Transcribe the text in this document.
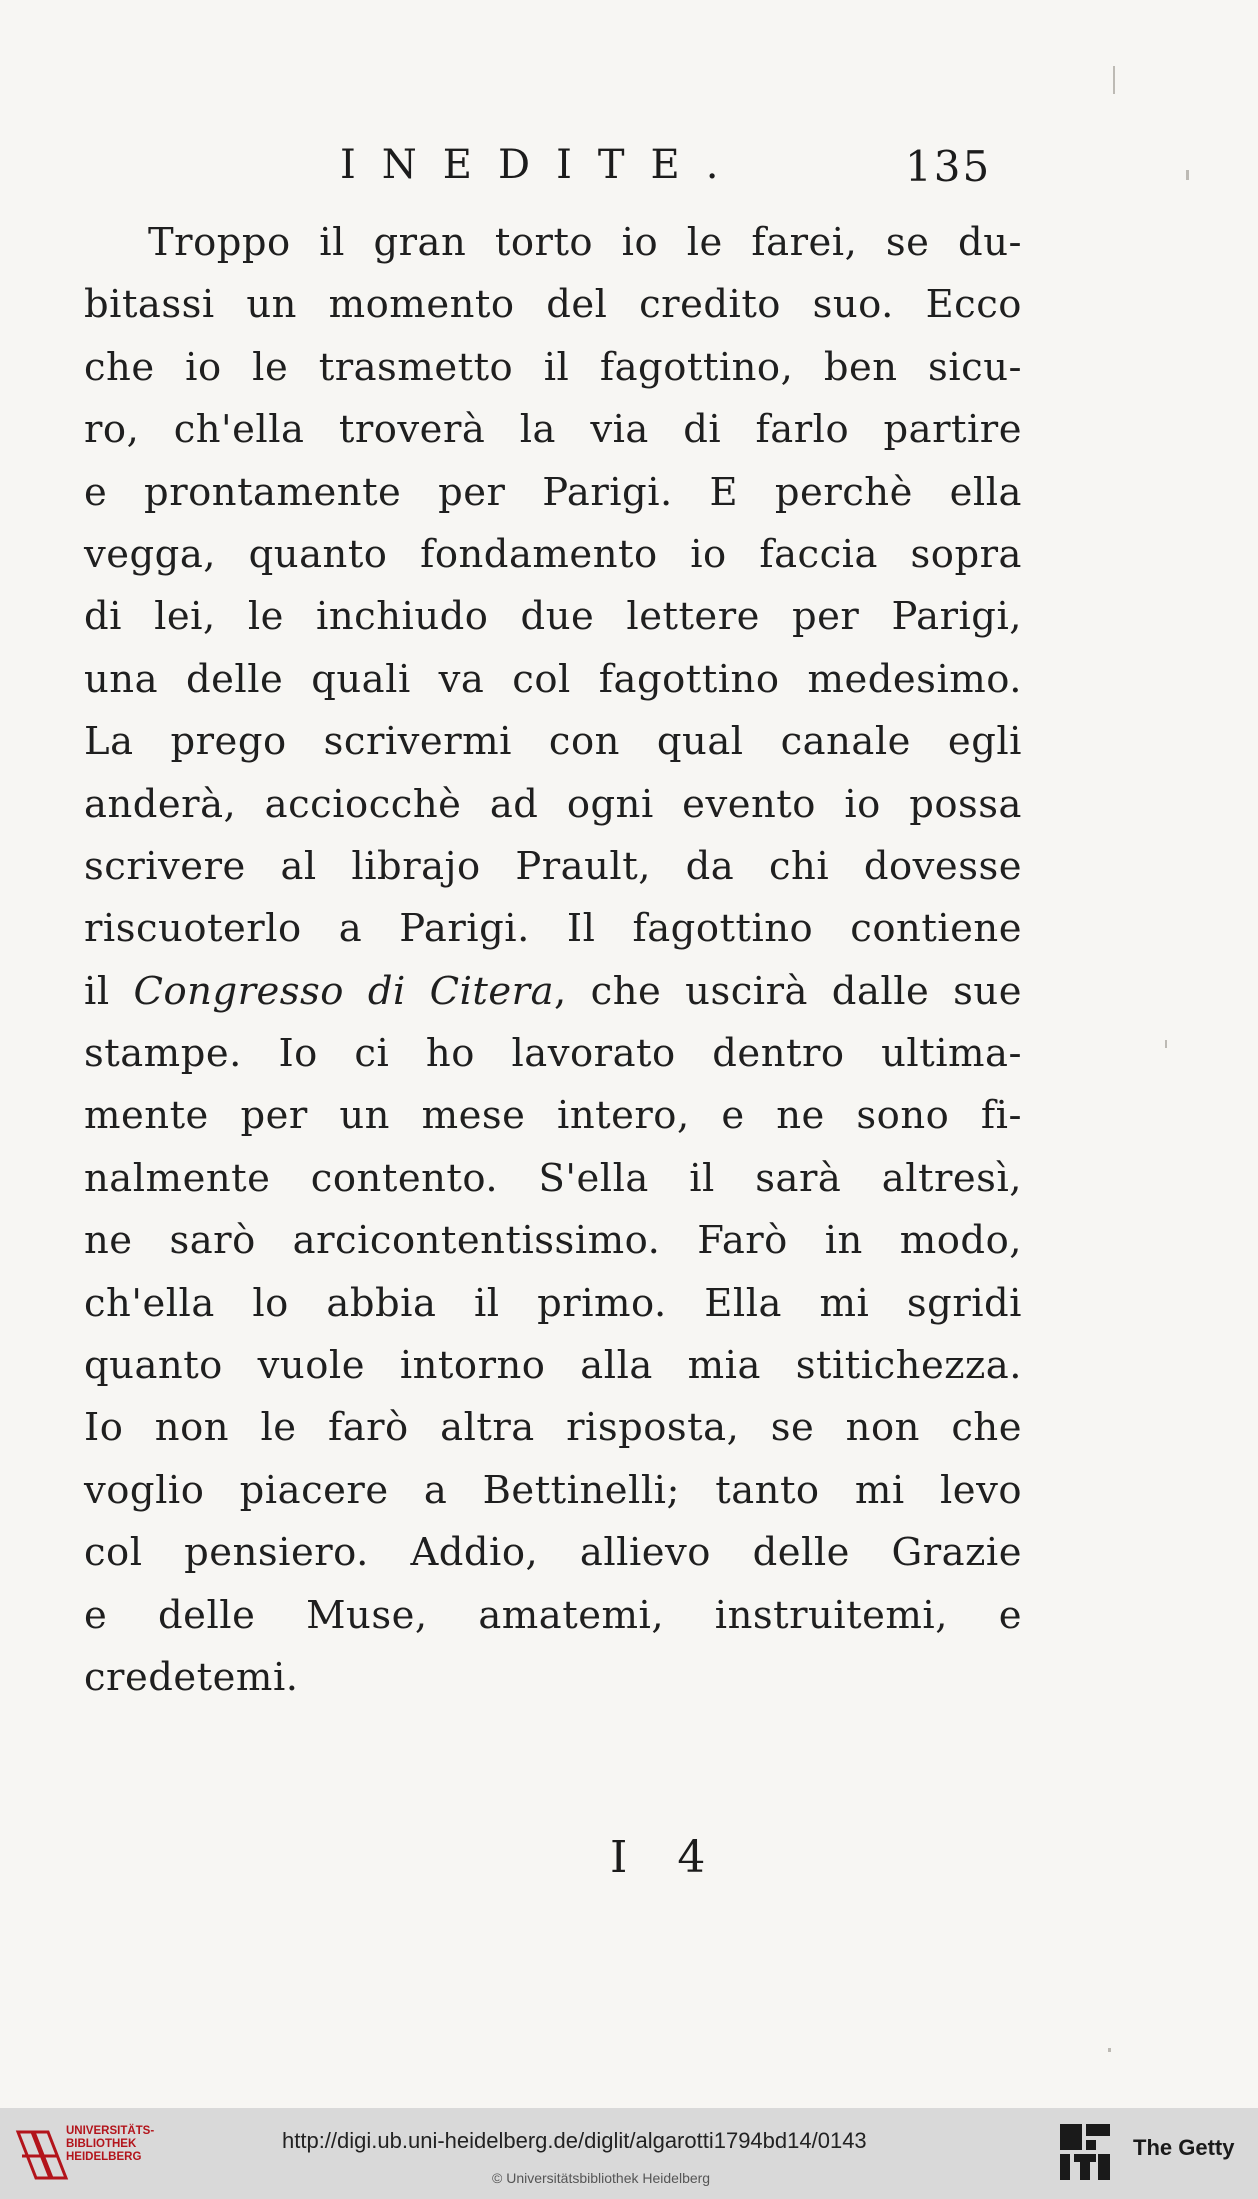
INEDITE.	135
Troppo il gran torto io le farei, se du-
bitassi un momento del credito suo. Ecco
che io le trasmetto il fagottino, ben sicu-
ro, ch'ella troverà la via di farlo partire
e prontamente per Parigi. E perchè ella
vegga, quanto fondamento io faccia sopra
di lei, le inchiudo due lettere per Parigi,
una delle quali va col fagottino medesimo.
La prego scrivermi con qual canale egli
anderà, acciocchè ad ogni evento io possa
scrivere al librajo Prault, da chi dovesse
riscuoterlo a Parigi. Il fagottino contiene
il Congresso di Citera, che uscirà dalle sue
stampe. Io ci ho lavorato dentro ultima-
mente per un mese intero, e ne sono fi-
nalmente contento. S'ella il sarà altresì,
ne sarò arcicontentissimo. Farò in modo,
ch'ella lo abbia il primo. Ella mi sgridi
quanto vuole intorno alla mia stitichezza.
Io non le farò altra risposta, se non che
voglio piacere a Bettinelli; tanto mi levo
col pensiero. Addio, allievo delle Grazie
e delle Muse, amatemi, instruitemi, e
credetemi.
I 4
UNIVERSITÄTS-
BIBLIOTHEK
HEIDELBERG
http://digi.ub.uni-heidelberg.de/diglit/algarotti1794bd14/0143
© Universitätsbibliothek Heidelberg
The Getty
